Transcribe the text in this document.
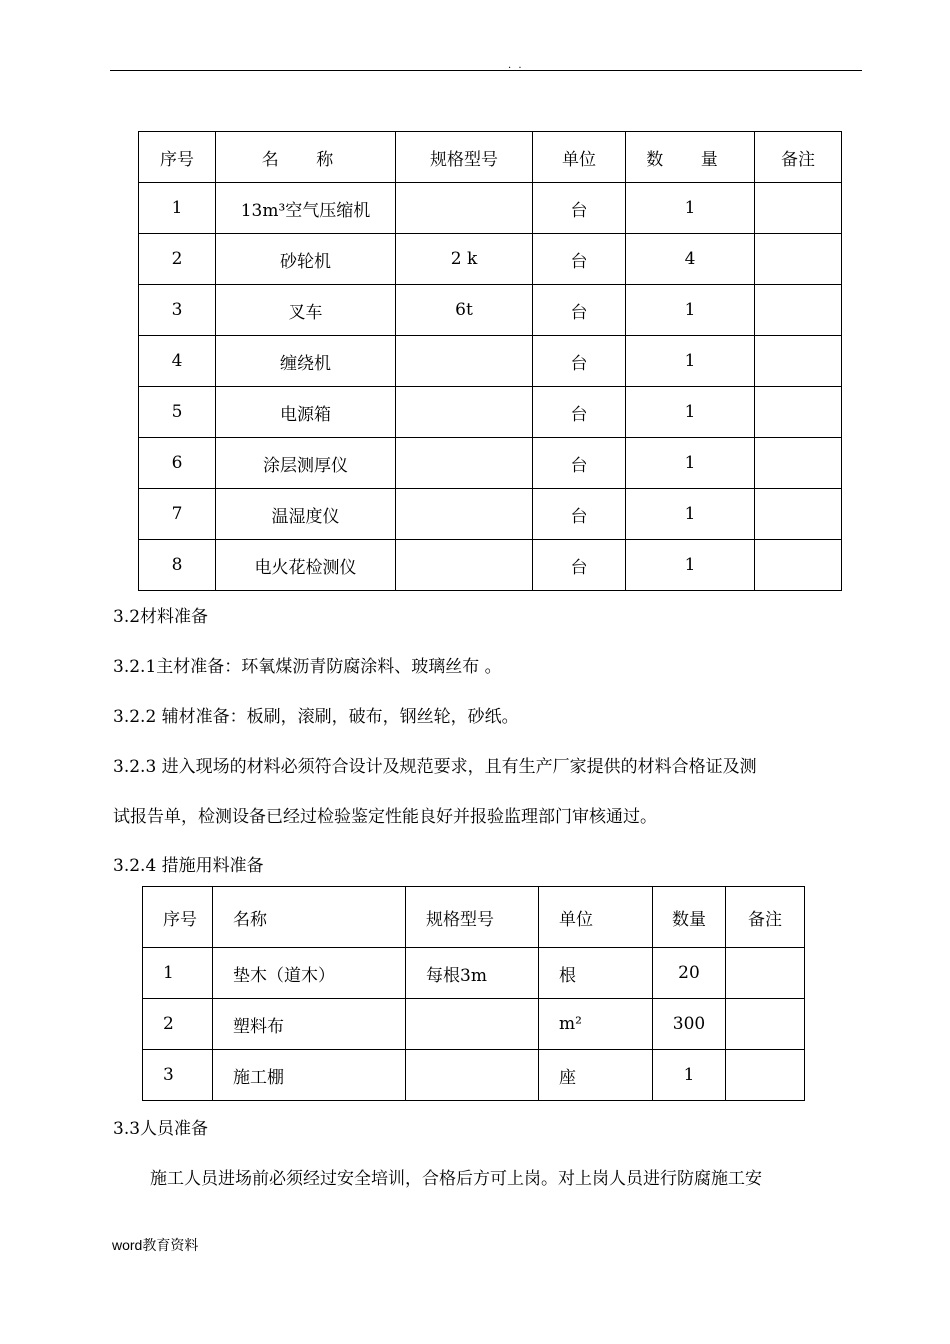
. .
序号	名 称	规格型号	单位	数 量	备注
1	13m³空气压缩机		台	1	
2	砂轮机	2 k	台	4	
3	叉车	6t	台	1	
4	缠绕机		台	1	
5	电源箱		台	1	
6	涂层测厚仪		台	1	
7	温湿度仪		台	1	
8	电火花检测仪		台	1	
3.2材料准备
3.2.1主材准备：环氧煤沥青防腐涂料、玻璃丝布 。
3.2.2 辅材准备：板刷，滚刷，破布，钢丝轮，砂纸。
3.2.3 进入现场的材料必须符合设计及规范要求，且有生产厂家提供的材料合格证及测
试报告单，检测设备已经过检验鉴定性能良好并报验监理部门审核通过。
3.2.4 措施用料准备
序号	名称	规格型号	单位	数量	备注
1	垫木（道木）	每根3m	根	20	
2	塑料布		m²	300	
3	施工棚		座	1	
3.3人员准备
施工人员进场前必须经过安全培训，合格后方可上岗。对上岗人员进行防腐施工安
word教育资料
